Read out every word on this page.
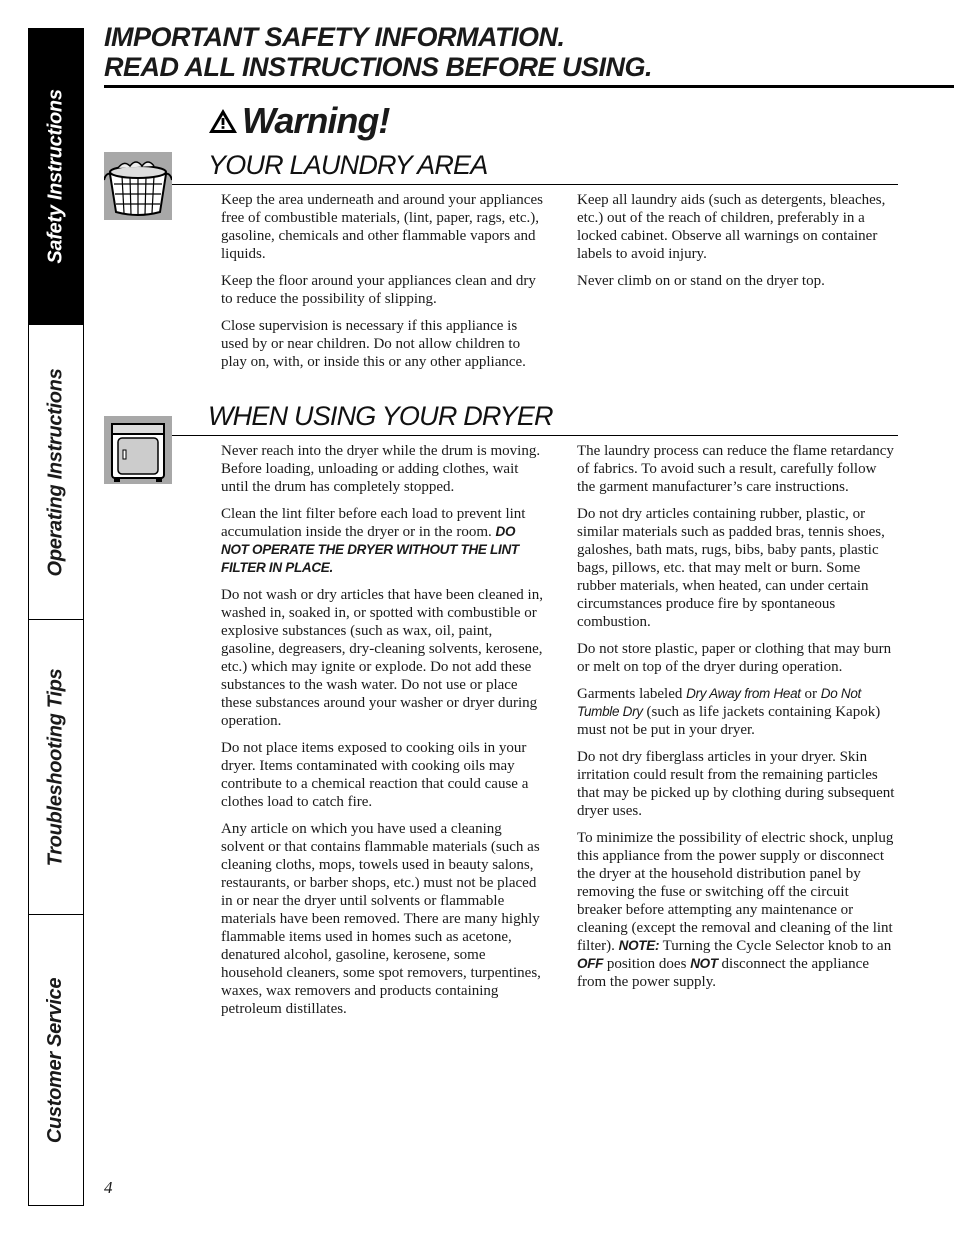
Safety Instructions
Operating Instructions
Troubleshooting Tips
Customer Service
IMPORTANT SAFETY INFORMATION.
READ ALL INSTRUCTIONS BEFORE USING.
Warning!
YOUR LAUNDRY AREA

Keep the area underneath and around your appliances free of combustible materials, (lint, paper, rags, etc.), gasoline, chemicals and other flammable vapors and liquids.

Keep the floor around your appliances clean and dry to reduce the possibility of slipping.

Close supervision is necessary if this appliance is used by or near children. Do not allow children to play on, with, or inside this or any other appliance.

Keep all laundry aids (such as detergents, bleaches, etc.) out of the reach of children, preferably in a locked cabinet. Observe all warnings on container labels to avoid injury.

Never climb on or stand on the dryer top.

WHEN USING YOUR DRYER

Never reach into the dryer while the drum is moving. Before loading, unloading or adding clothes, wait until the drum has completely stopped.

Clean the lint filter before each load to prevent lint accumulation inside the dryer or in the room. DO NOT OPERATE THE DRYER WITHOUT THE LINT FILTER IN PLACE.

Do not wash or dry articles that have been cleaned in, washed in, soaked in, or spotted with combustible or explosive substances (such as wax, oil, paint, gasoline, degreasers, dry-cleaning solvents, kerosene, etc.) which may ignite or explode. Do not add these substances to the wash water. Do not use or place these substances around your washer or dryer during operation.

Do not place items exposed to cooking oils in your dryer. Items contaminated with cooking oils may contribute to a chemical reaction that could cause a clothes load to catch fire.

Any article on which you have used a cleaning solvent or that contains flammable materials (such as cleaning cloths, mops, towels used in beauty salons, restaurants, or barber shops, etc.) must not be placed in or near the dryer until solvents or flammable materials have been removed. There are many highly flammable items used in homes such as acetone, denatured alcohol, gasoline, kerosene, some household cleaners, some spot removers, turpentines, waxes, wax removers and products containing petroleum distillates.

The laundry process can reduce the flame retardancy of fabrics. To avoid such a result, carefully follow the garment manufacturer’s care instructions.

Do not dry articles containing rubber, plastic, or similar materials such as padded bras, tennis shoes, galoshes, bath mats, rugs, bibs, baby pants, plastic bags, pillows, etc. that may melt or burn. Some rubber materials, when heated, can under certain circumstances produce fire by spontaneous combustion.

Do not store plastic, paper or clothing that may burn or melt on top of the dryer during operation.

Garments labeled Dry Away from Heat or Do Not Tumble Dry (such as life jackets containing Kapok) must not be put in your dryer.

Do not dry fiberglass articles in your dryer. Skin irritation could result from the remaining particles that may be picked up by clothing during subsequent dryer uses.

To minimize the possibility of electric shock, unplug this appliance from the power supply or disconnect the dryer at the household distribution panel by removing the fuse or switching off the circuit breaker before attempting any maintenance or cleaning (except the removal and cleaning of the lint filter). NOTE: Turning the Cycle Selector knob to an OFF position does NOT disconnect the appliance from the power supply.

4
